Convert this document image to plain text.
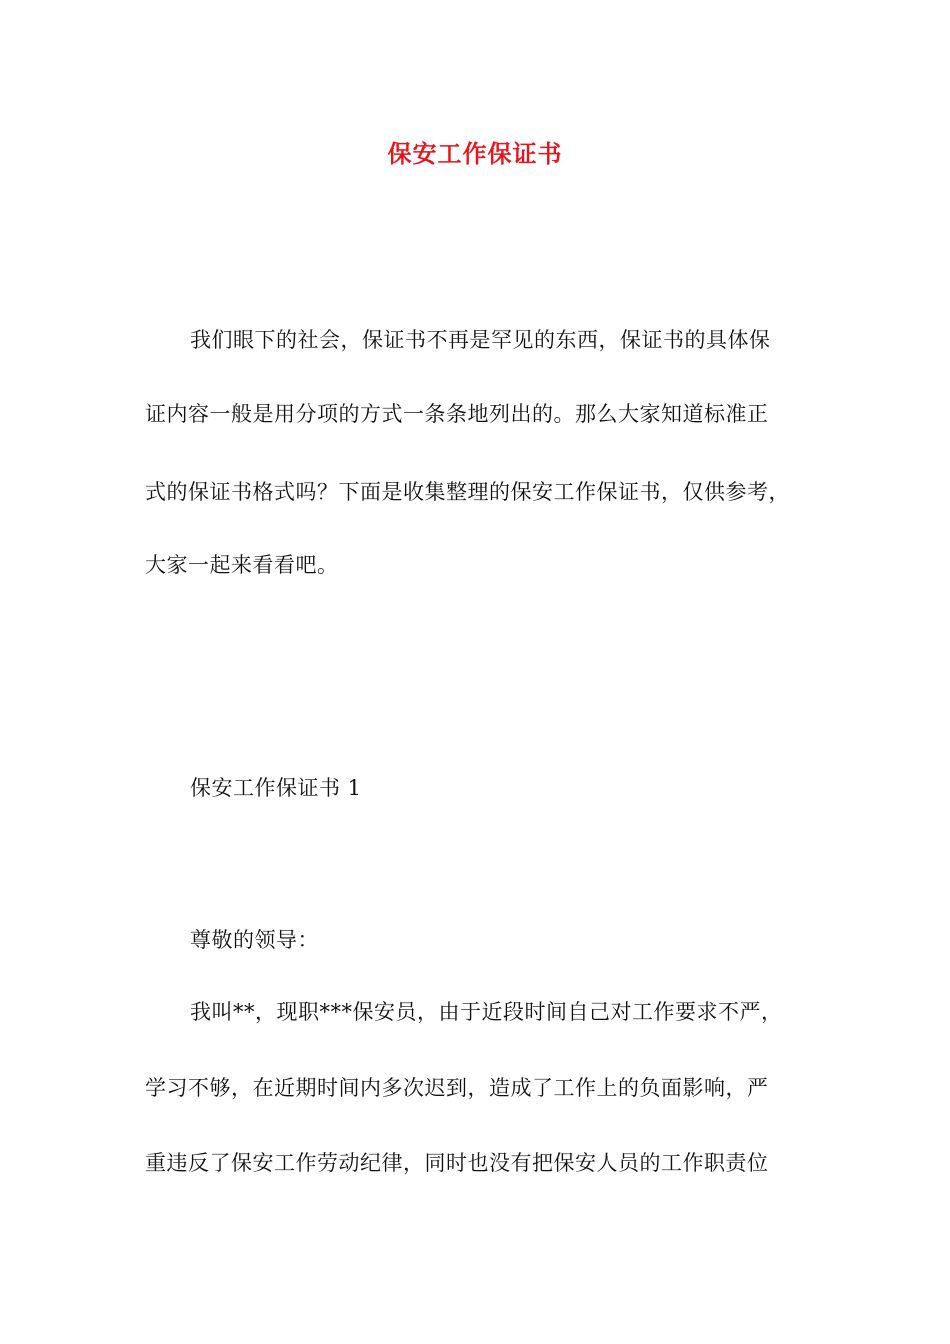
保安工作保证书
我们眼下的社会，保证书不再是罕见的东西，保证书的具体保
证内容一般是用分项的方式一条条地列出的。那么大家知道标准正
式的保证书格式吗？下面是收集整理的保安工作保证书，仅供参考，
大家一起来看看吧。
保安工作保证书 1
尊敬的领导：
我叫**，现职***保安员，由于近段时间自己对工作要求不严，
学习不够，在近期时间内多次迟到，造成了工作上的负面影响，严
重违反了保安工作劳动纪律，同时也没有把保安人员的工作职责位
